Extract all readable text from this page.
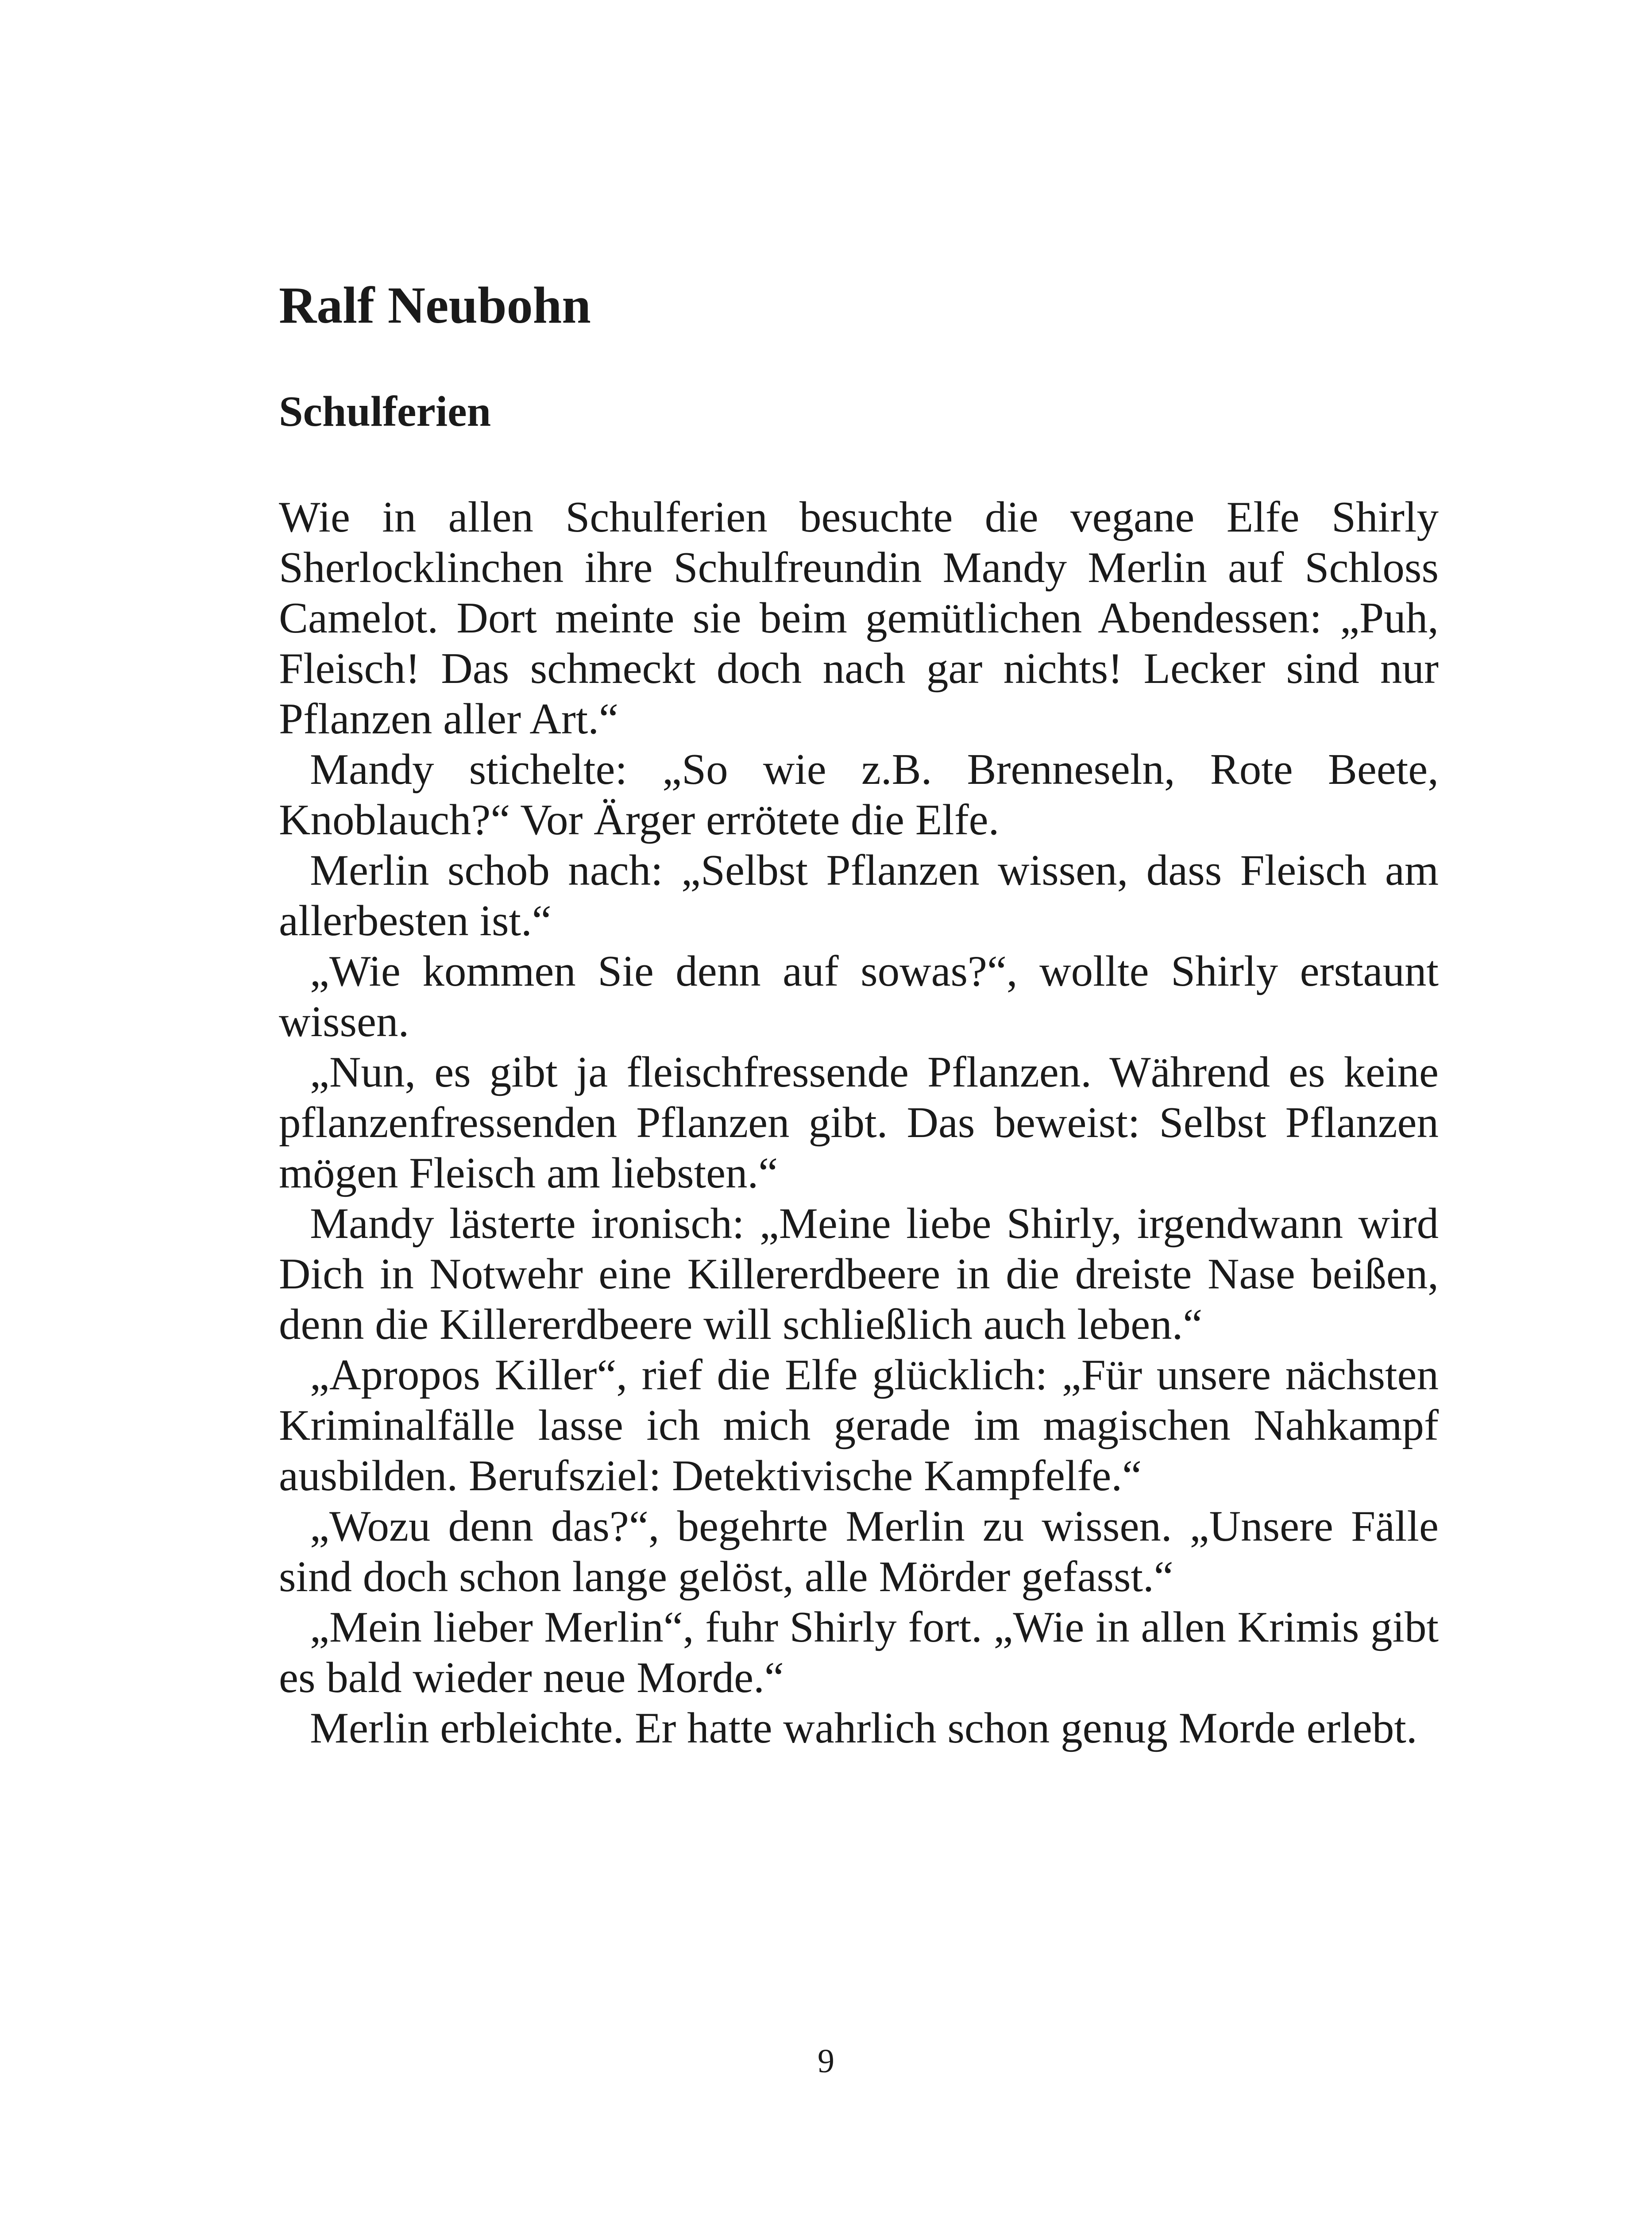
Ralf Neubohn
Schulferien

Wie in allen Schulferien besuchte die vegane Elfe Shirly Sherlocklinchen ihre Schulfreundin Mandy Merlin auf Schloss Camelot. Dort meinte sie beim gemütlichen Abendessen: „Puh, Fleisch! Das schmeckt doch nach gar nichts! Lecker sind nur Pflanzen aller Art.“

Mandy stichelte: „So wie z.B. Brenneseln, Rote Beete, Knoblauch?“ Vor Ärger errötete die Elfe.

Merlin schob nach: „Selbst Pflanzen wissen, dass Fleisch am allerbesten ist.“

„Wie kommen Sie denn auf sowas?“, wollte Shirly erstaunt wissen.

„Nun, es gibt ja fleischfressende Pflanzen. Während es keine pflanzenfressenden Pflanzen gibt. Das beweist: Selbst Pflanzen mögen Fleisch am liebsten.“

Mandy lästerte ironisch: „Meine liebe Shirly, irgendwann wird Dich in Notwehr eine Killererdbeere in die dreiste Nase beißen, denn die Killererdbeere will schließlich auch leben.“

„Apropos Killer“, rief die Elfe glücklich: „Für unsere nächsten Kriminalfälle lasse ich mich gerade im magischen Nahkampf ausbilden. Berufsziel: Detektivische Kampfelfe.“

„Wozu denn das?“, begehrte Merlin zu wissen. „Unsere Fälle sind doch schon lange gelöst, alle Mörder gefasst.“

„Mein lieber Merlin“, fuhr Shirly fort. „Wie in allen Krimis gibt es bald wieder neue Morde.“

Merlin erbleichte. Er hatte wahrlich schon genug Morde erlebt.

9
